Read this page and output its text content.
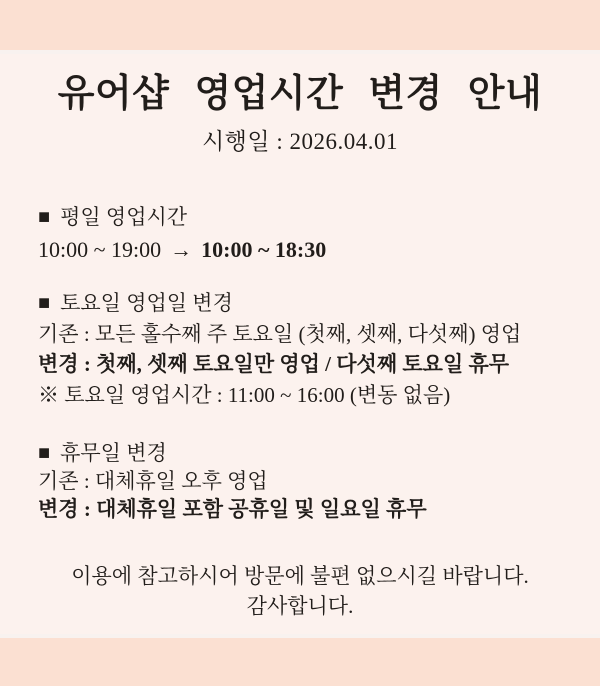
유어샵 영업시간 변경 안내
시행일 : 2026.04.01
■ 평일 영업시간
10:00 ~ 19:00 → 10:00 ~ 18:30
■ 토요일 영업일 변경
기존 : 모든 홀수째 주 토요일 (첫째, 셋째, 다섯째) 영업
변경 : 첫째, 셋째 토요일만 영업 / 다섯째 토요일 휴무
※ 토요일 영업시간 : 11:00 ~ 16:00 (변동 없음)
■ 휴무일 변경
기존 : 대체휴일 오후 영업
변경 : 대체휴일 포함 공휴일 및 일요일 휴무
이용에 참고하시어 방문에 불편 없으시길 바랍니다.
감사합니다.
